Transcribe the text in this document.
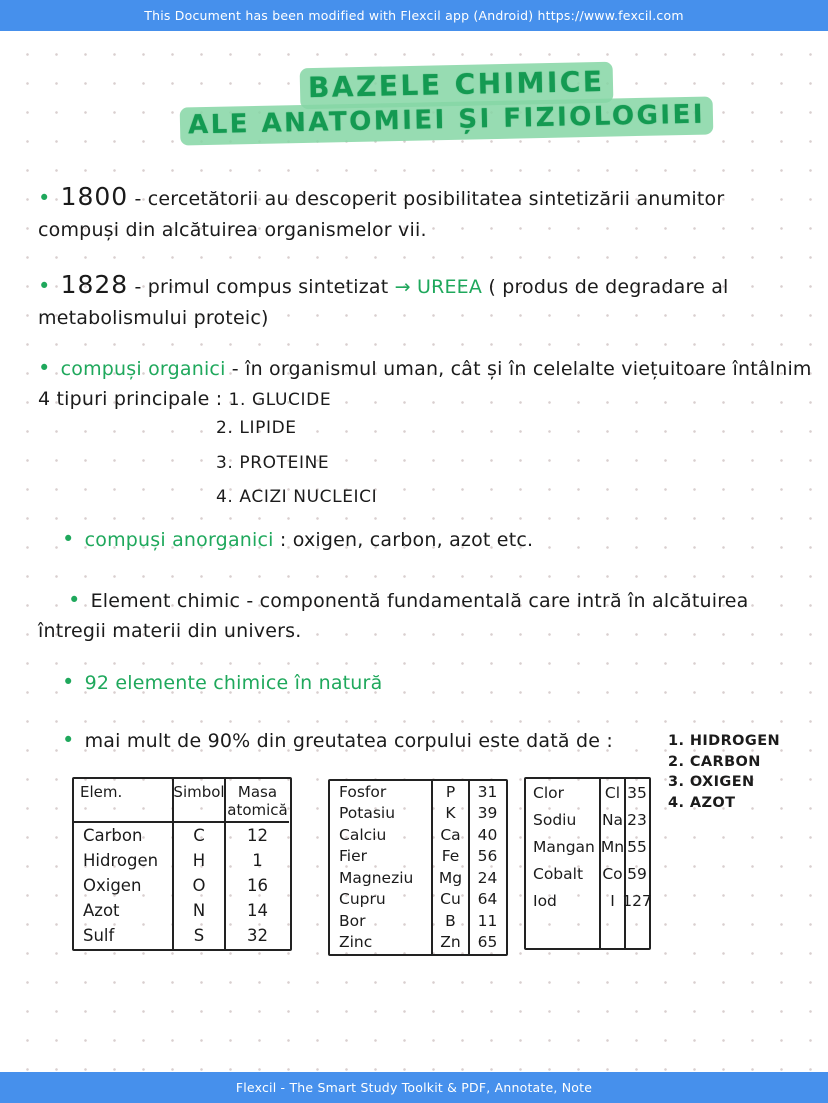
This Document has been modified with Flexcil app (Android) https://www.fexcil.com
BAZELE CHIMICE
ALE ANATOMIEI ȘI FIZIOLOGIEI
• 1800 - cercetătorii au descoperit posibilitatea sintetizării anumitor compuși din alcătuirea organismelor vii.
• 1828 - primul compus sintetizat → UREEA ( produs de degradare al metabolismului proteic)
• compuși organici - în organismul uman, cât și în celelalte viețuitoare întâlnim 4 tipuri principale : 1. GLUCIDE
2. LIPIDE
3. PROTEINE
4. ACIZI NUCLEICI
• compuși anorganici : oxigen, carbon, azot etc.
• Element chimic - componentă fundamentală care intră în alcătuirea întregii materii din univers.
• 92 elemente chimice în natură
• mai mult de 90% din greutatea corpului este dată de :	1. HIDROGEN
2. CARBON
3. OXIGEN
4. AZOT
Elem.
Carbon
Hidrogen
Oxigen
Azot
Sulf
Simbol
C
H
O
N
S
Masa atomică
12
1
16
14
32
Fosfor
Potasiu
Calciu
Fier
Magneziu
Cupru
Bor
Zinc
P
K
Ca
Fe
Mg
Cu
B
Zn
31
39
40
56
24
64
11
65
Clor
Sodiu
Mangan
Cobalt
Iod
Cl
Na
Mn
Co
I
35
23
55
59
127
Flexcil - The Smart Study Toolkit & PDF, Annotate, Note
